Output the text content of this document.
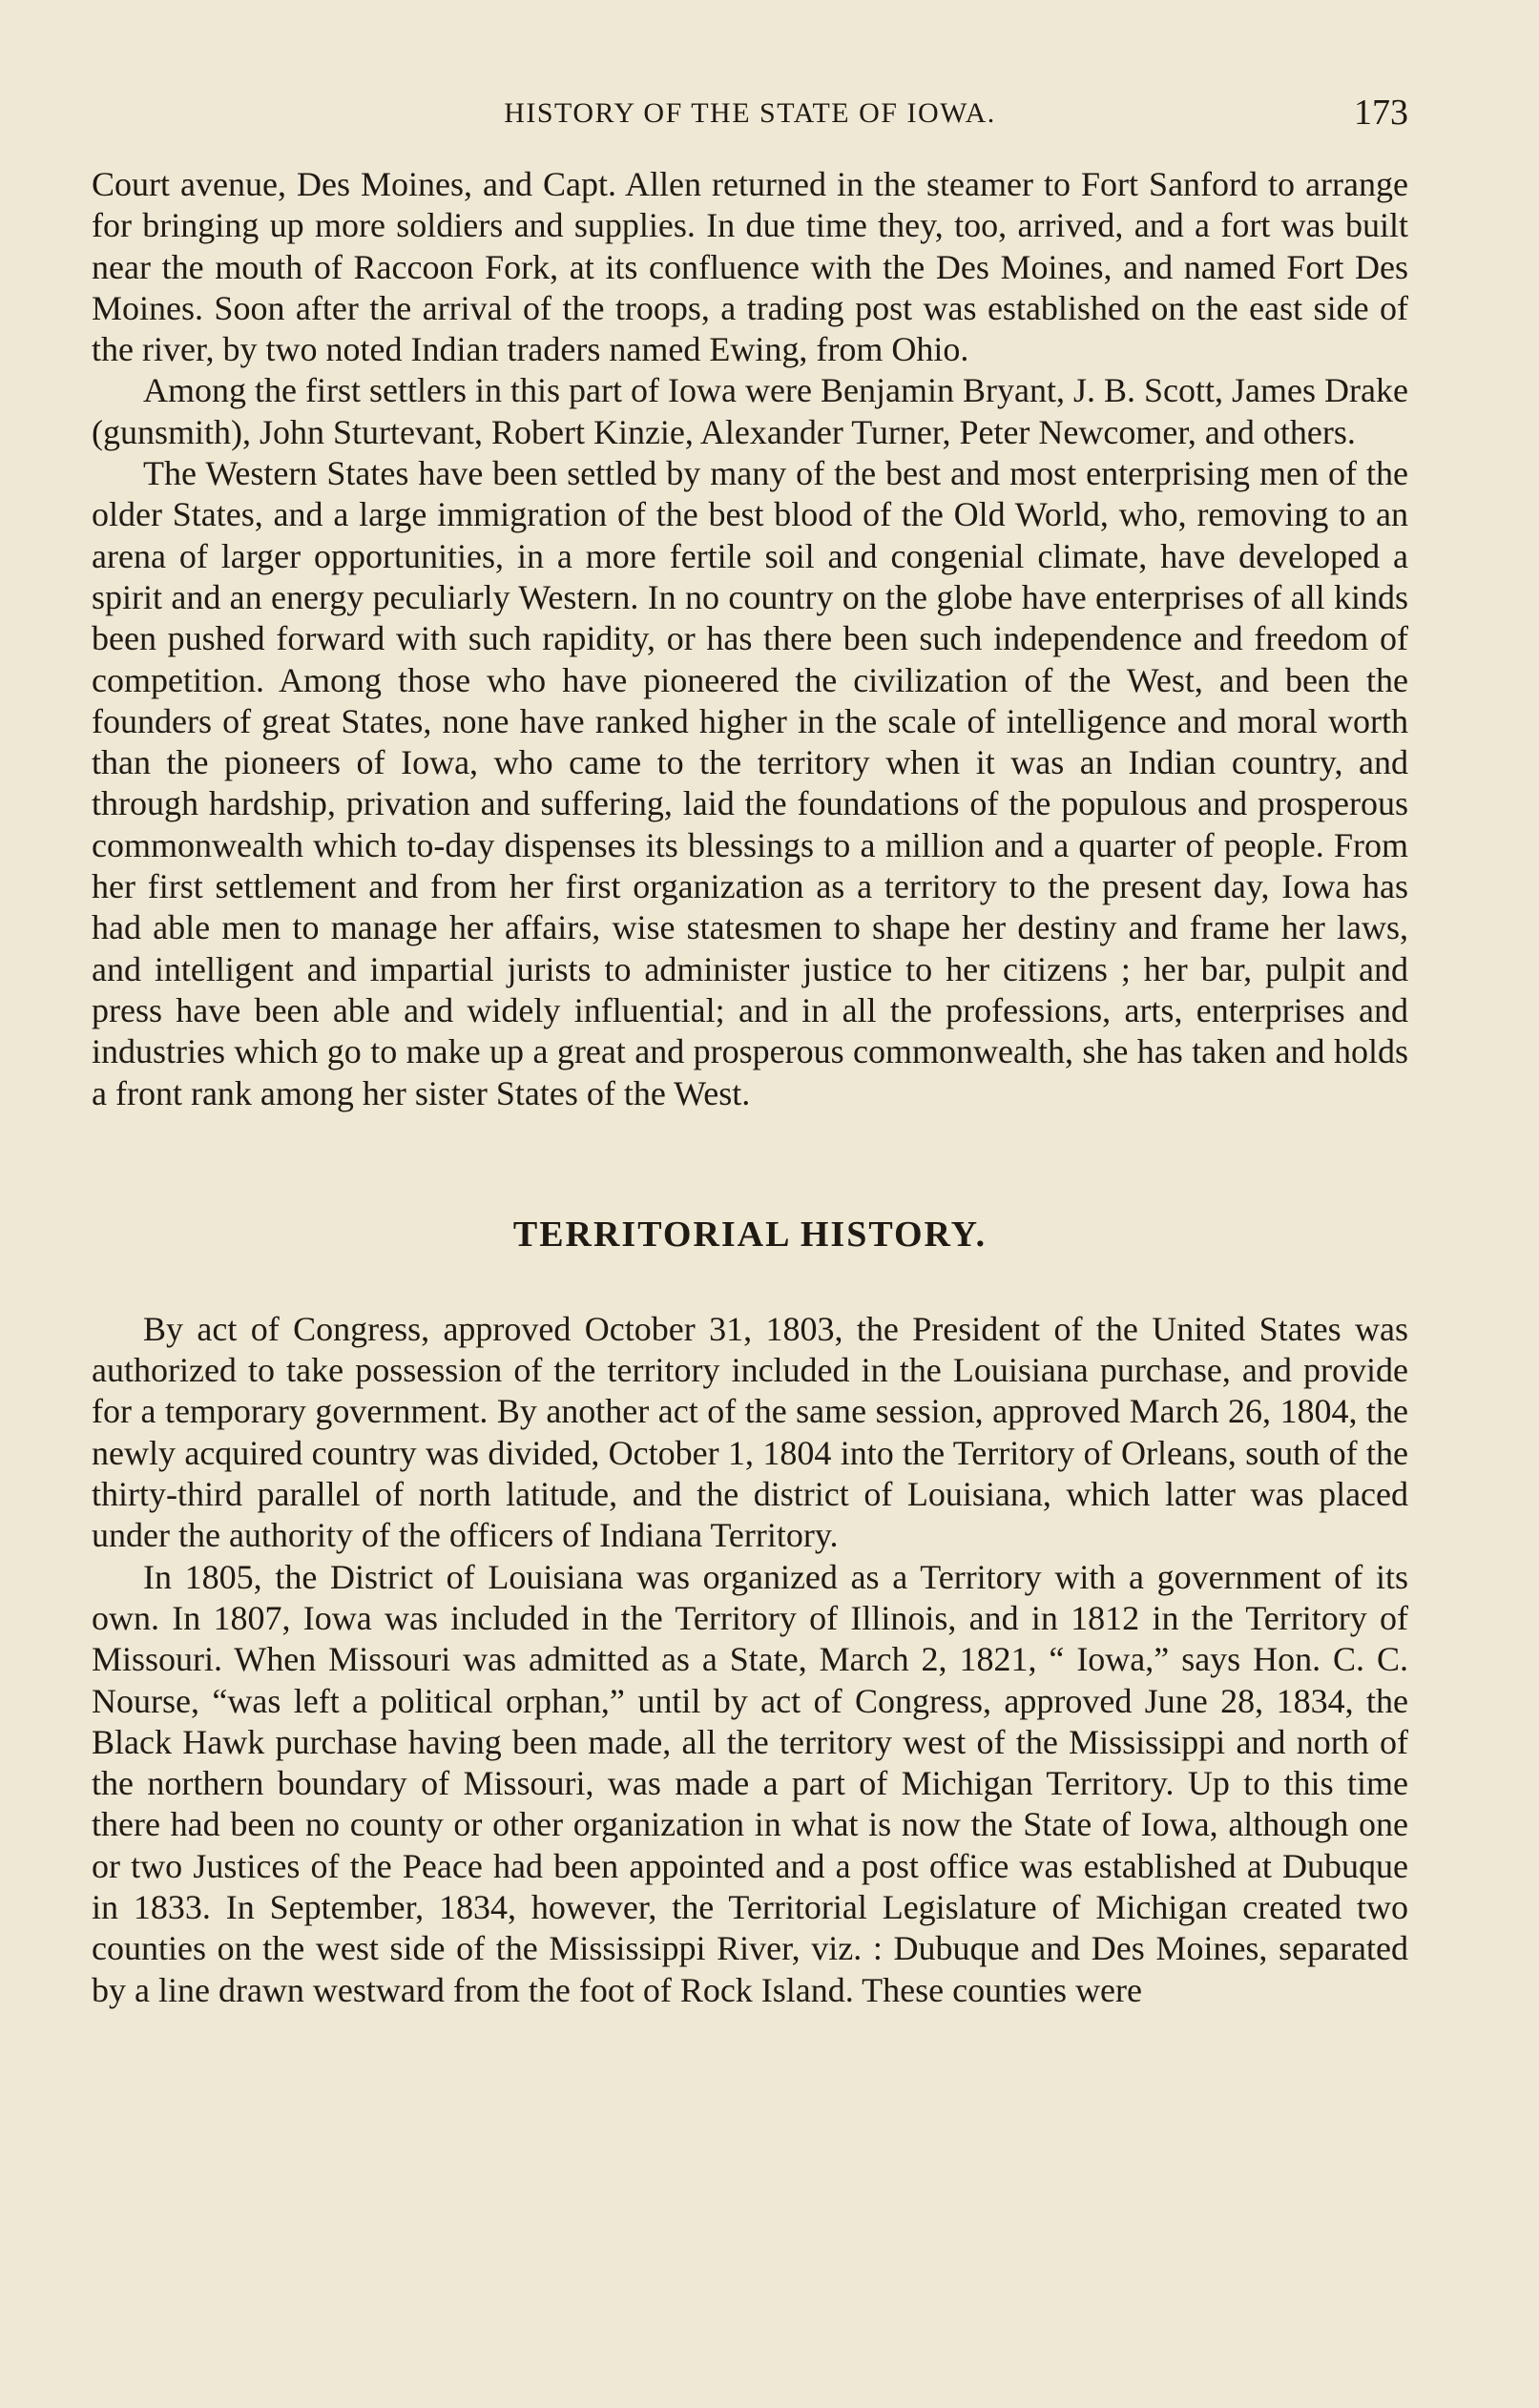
HISTORY OF THE STATE OF IOWA.	173

Court avenue, Des Moines, and Capt. Allen returned in the steamer to Fort Sanford to arrange for bringing up more soldiers and supplies. In due time they, too, arrived, and a fort was built near the mouth of Raccoon Fork, at its confluence with the Des Moines, and named Fort Des Moines. Soon after the arrival of the troops, a trading post was established on the east side of the river, by two noted Indian traders named Ewing, from Ohio.

Among the first settlers in this part of Iowa were Benjamin Bryant, J. B. Scott, James Drake (gunsmith), John Sturtevant, Robert Kinzie, Alexander Turner, Peter Newcomer, and others.

The Western States have been settled by many of the best and most enterprising men of the older States, and a large immigration of the best blood of the Old World, who, removing to an arena of larger opportunities, in a more fertile soil and congenial climate, have developed a spirit and an energy peculiarly Western. In no country on the globe have enterprises of all kinds been pushed forward with such rapidity, or has there been such independence and freedom of competition. Among those who have pioneered the civilization of the West, and been the founders of great States, none have ranked higher in the scale of intelligence and moral worth than the pioneers of Iowa, who came to the territory when it was an Indian country, and through hardship, privation and suffering, laid the foundations of the populous and prosperous commonwealth which to-day dispenses its blessings to a million and a quarter of people. From her first settlement and from her first organization as a territory to the present day, Iowa has had able men to manage her affairs, wise statesmen to shape her destiny and frame her laws, and intelligent and impartial jurists to administer justice to her citizens ; her bar, pulpit and press have been able and widely influential; and in all the professions, arts, enterprises and industries which go to make up a great and prosperous commonwealth, she has taken and holds a front rank among her sister States of the West.

TERRITORIAL HISTORY.

By act of Congress, approved October 31, 1803, the President of the United States was authorized to take possession of the territory included in the Louisiana purchase, and provide for a temporary government. By another act of the same session, approved March 26, 1804, the newly acquired country was divided, October 1, 1804 into the Territory of Orleans, south of the thirty-third parallel of north latitude, and the district of Louisiana, which latter was placed under the authority of the officers of Indiana Territory.

In 1805, the District of Louisiana was organized as a Territory with a government of its own. In 1807, Iowa was included in the Territory of Illinois, and in 1812 in the Territory of Missouri. When Missouri was admitted as a State, March 2, 1821, “ Iowa,” says Hon. C. C. Nourse, “was left a political orphan,” until by act of Congress, approved June 28, 1834, the Black Hawk purchase having been made, all the territory west of the Mississippi and north of the northern boundary of Missouri, was made a part of Michigan Territory. Up to this time there had been no county or other organization in what is now the State of Iowa, although one or two Justices of the Peace had been appointed and a post office was established at Dubuque in 1833. In September, 1834, however, the Territorial Legislature of Michigan created two counties on the west side of the Mississippi River, viz. : Dubuque and Des Moines, separated by a line drawn westward from the foot of Rock Island. These counties were
